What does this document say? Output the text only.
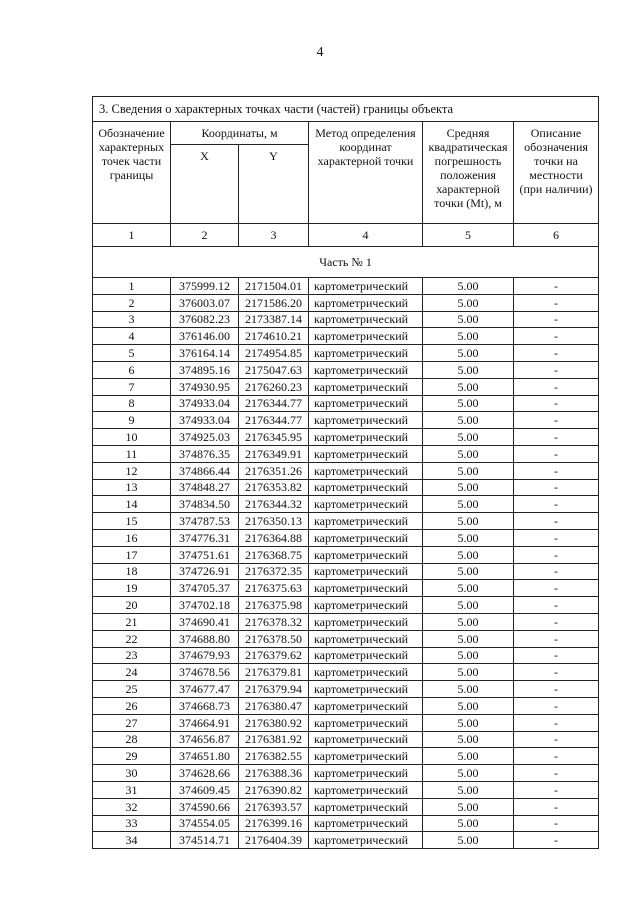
4
3. Сведения о характерных точках части (частей) границы объекта					
Обозначение характерных точек части границы	Координаты, м		Метод определения координат характерной точки	Средняя квадратическая погрешность положения характерной точки (Mt), м	Описание обозначения точки на местности (при наличии)
	X	Y			
1	2	3	4	5	6
Часть № 1					
1	375999.12	2171504.01	картометрический	5.00	-
2	376003.07	2171586.20	картометрический	5.00	-
3	376082.23	2173387.14	картометрический	5.00	-
4	376146.00	2174610.21	картометрический	5.00	-
5	376164.14	2174954.85	картометрический	5.00	-
6	374895.16	2175047.63	картометрический	5.00	-
7	374930.95	2176260.23	картометрический	5.00	-
8	374933.04	2176344.77	картометрический	5.00	-
9	374933.04	2176344.77	картометрический	5.00	-
10	374925.03	2176345.95	картометрический	5.00	-
11	374876.35	2176349.91	картометрический	5.00	-
12	374866.44	2176351.26	картометрический	5.00	-
13	374848.27	2176353.82	картометрический	5.00	-
14	374834.50	2176344.32	картометрический	5.00	-
15	374787.53	2176350.13	картометрический	5.00	-
16	374776.31	2176364.88	картометрический	5.00	-
17	374751.61	2176368.75	картометрический	5.00	-
18	374726.91	2176372.35	картометрический	5.00	-
19	374705.37	2176375.63	картометрический	5.00	-
20	374702.18	2176375.98	картометрический	5.00	-
21	374690.41	2176378.32	картометрический	5.00	-
22	374688.80	2176378.50	картометрический	5.00	-
23	374679.93	2176379.62	картометрический	5.00	-
24	374678.56	2176379.81	картометрический	5.00	-
25	374677.47	2176379.94	картометрический	5.00	-
26	374668.73	2176380.47	картометрический	5.00	-
27	374664.91	2176380.92	картометрический	5.00	-
28	374656.87	2176381.92	картометрический	5.00	-
29	374651.80	2176382.55	картометрический	5.00	-
30	374628.66	2176388.36	картометрический	5.00	-
31	374609.45	2176390.82	картометрический	5.00	-
32	374590.66	2176393.57	картометрический	5.00	-
33	374554.05	2176399.16	картометрический	5.00	-
34	374514.71	2176404.39	картометрический	5.00	-
